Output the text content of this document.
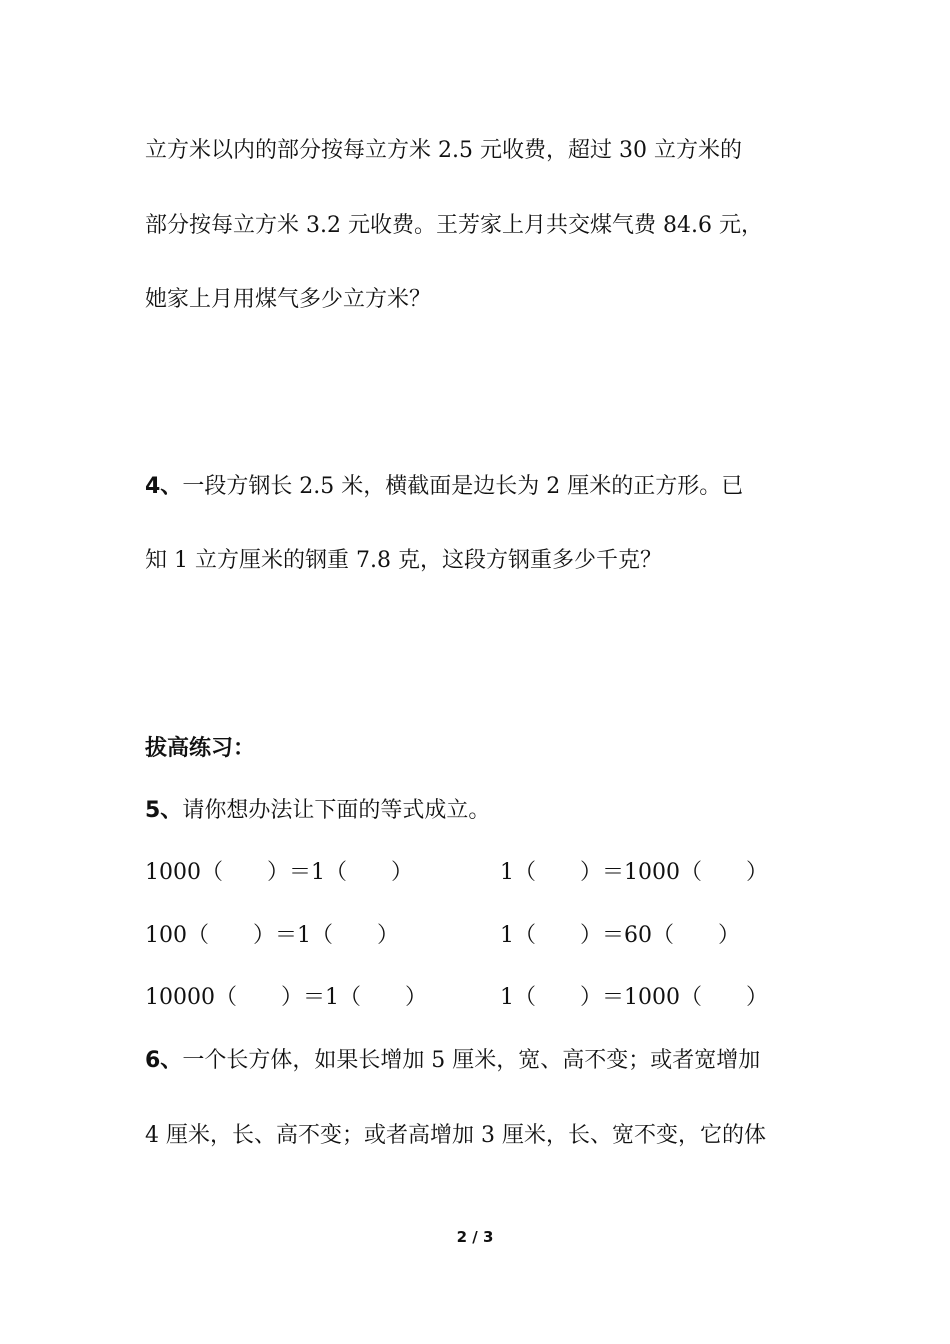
立方米以内的部分按每立方米 2.5 元收费，超过 30 立方米的
部分按每立方米 3.2 元收费。王芳家上月共交煤气费 84.6 元，
她家上月用煤气多少立方米？
4、一段方钢长 2.5 米，横截面是边长为 2 厘米的正方形。已
知 1 立方厘米的钢重 7.8 克，这段方钢重多少千克？
拔高练习：
5、请你想办法让下面的等式成立。
1000（　　）＝1（　　）	1（　　）＝1000（　　）
100（　　）＝1（　　）	1（　　）＝60（　　）
10000（　　）＝1（　　）	1（　　）＝1000（　　）
6、一个长方体，如果长增加 5 厘米，宽、高不变；或者宽增加
4 厘米，长、高不变；或者高增加 3 厘米，长、宽不变，它的体
2 / 3
